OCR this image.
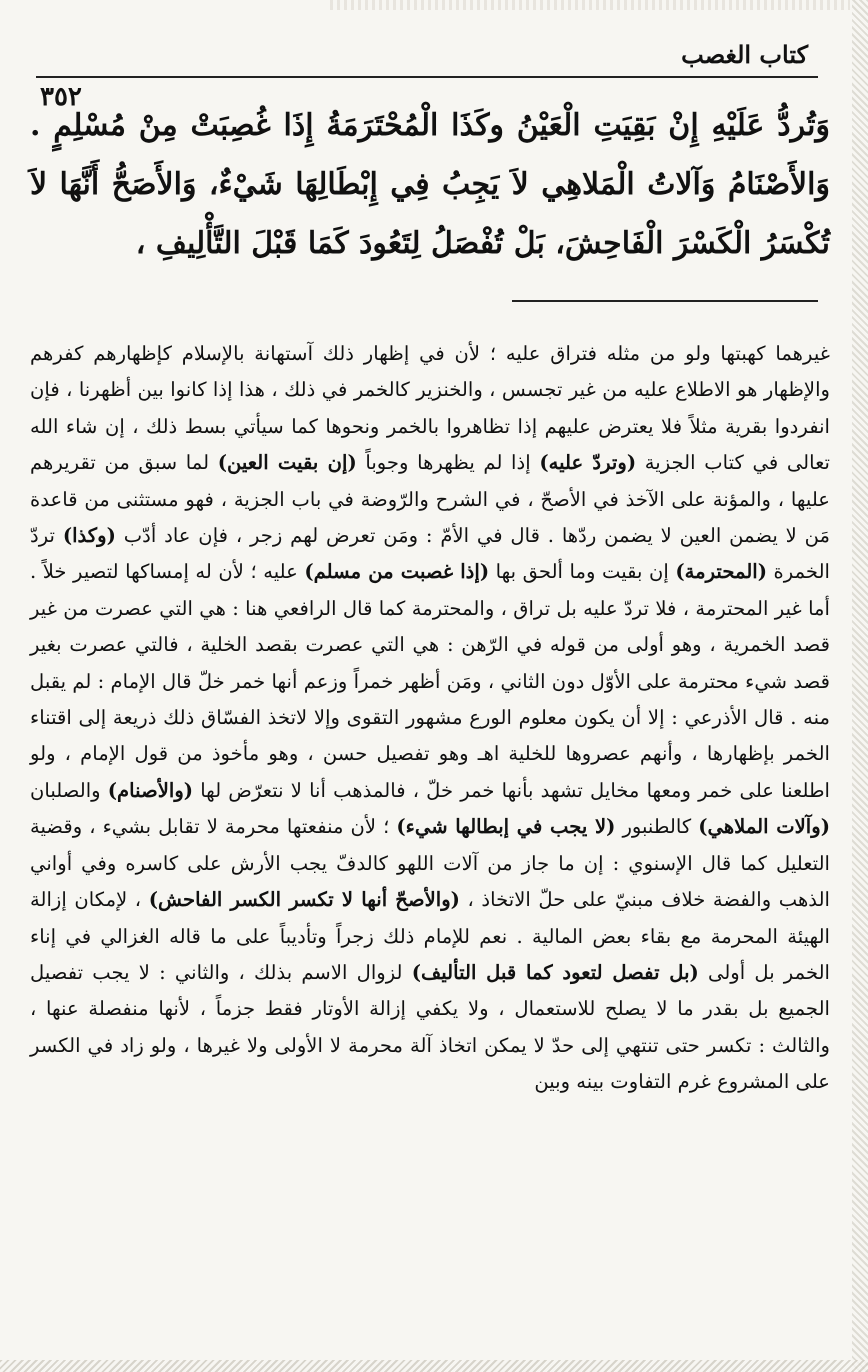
كتاب الغصب
٣٥٢
وَتُردُّ عَلَيْهِ إِنْ بَقِيَتِ الْعَيْنُ وكَذَا الْمُحْتَرَمَةُ إِذَا غُصِبَتْ مِنْ مُسْلِمٍ . وَالأَصْنَامُ وَآلاتُ الْمَلاهِي لاَ يَجِبُ فِي إِبْطَالِهَا شَيْءٌ، وَالأَصَحُّ أَنَّهَا لاَ تُكْسَرُ الْكَسْرَ الْفَاحِشَ، بَلْ تُفْصَلُ لِتَعُودَ كَمَا قَبْلَ التَّأْلِيفِ ،

غيرهما كهبتها ولو من مثله فتراق عليه ؛ لأن في إظهار ذلك آستهانة بالإسلام كإظهارهم كفرهم والإظهار هو الاطلاع عليه من غير تجسس ، والخنزير كالخمر في ذلك ، هذا إذا كانوا بين أظهرنا ، فإن انفردوا بقرية مثلاً فلا يعترض عليهم إذا تظاهروا بالخمر ونحوها كما سيأتي بسط ذلك ، إن شاء الله تعالى في كتاب الجزية (وتردّ عليه) إذا لم يظهرها وجوباً (إن بقيت العين) لما سبق من تقريرهم عليها ، والمؤنة على الآخذ في الأصحّ ، في الشرح والرّوضة في باب الجزية ، فهو مستثنى من قاعدة مَن لا يضمن العين لا يضمن ردّها . قال في الأمّ : ومَن تعرض لهم زجر ، فإن عاد أدّب (وكذا) تردّ الخمرة (المحترمة) إن بقيت وما ألحق بها (إذا غصبت من مسلم) عليه ؛ لأن له إمساكها لتصير خلاً . أما غير المحترمة ، فلا تردّ عليه بل تراق ، والمحترمة كما قال الرافعي هنا : هي التي عصرت من غير قصد الخمرية ، وهو أولى من قوله في الرّهن : هي التي عصرت بقصد الخلية ، فالتي عصرت بغير قصد شيء محترمة على الأوّل دون الثاني ، ومَن أظهر خمراً وزعم أنها خمر خلّ قال الإمام : لم يقبل منه . قال الأذرعي : إلا أن يكون معلوم الورع مشهور التقوى وإلا لاتخذ الفسّاق ذلك ذريعة إلى اقتناء الخمر بإظهارها ، وأنهم عصروها للخلية اهـ وهو تفصيل حسن ، وهو مأخوذ من قول الإمام ، ولو اطلعنا على خمر ومعها مخايل تشهد بأنها خمر خلّ ، فالمذهب أنا لا نتعرّض لها (والأصنام) والصلبان (وآلات الملاهي) كالطنبور (لا يجب في إبطالها شيء) ؛ لأن منفعتها محرمة لا تقابل بشيء ، وقضية التعليل كما قال الإسنوي : إن ما جاز من آلات اللهو كالدفّ يجب الأرش على كاسره وفي أواني الذهب والفضة خلاف مبنيّ على حلّ الاتخاذ ، (والأصحّ أنها لا تكسر الكسر الفاحش) ، لإمكان إزالة الهيئة المحرمة مع بقاء بعض المالية . نعم للإمام ذلك زجراً وتأديباً على ما قاله الغزالي في إناء الخمر بل أولى (بل تفصل لتعود كما قبل التأليف) لزوال الاسم بذلك ، والثاني : لا يجب تفصيل الجميع بل بقدر ما لا يصلح للاستعمال ، ولا يكفي إزالة الأوتار فقط جزماً ، لأنها منفصلة عنها ، والثالث : تكسر حتى تنتهي إلى حدّ لا يمكن اتخاذ آلة محرمة لا الأولى ولا غيرها ، ولو زاد في الكسر على المشروع غرم التفاوت بينه وبين
